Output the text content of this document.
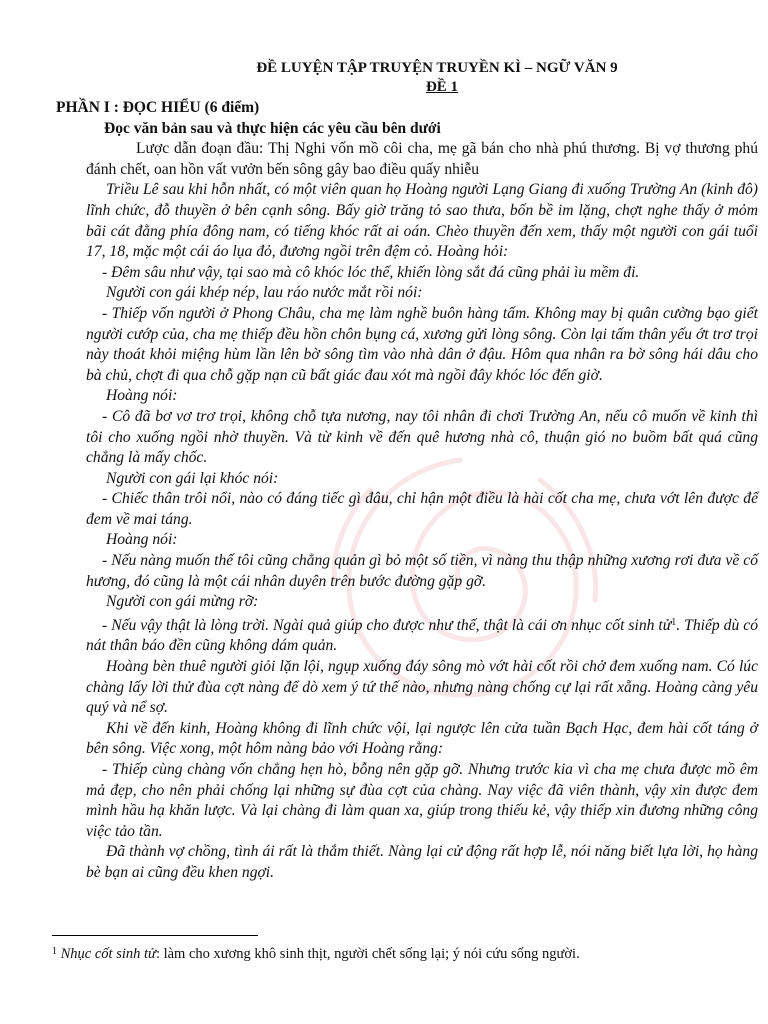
ĐỀ LUYỆN TẬP TRUYỆN TRUYỀN KÌ – NGỮ VĂN 9

ĐỀ 1

PHẦN I : ĐỌC HIỂU (6 điểm)

Đọc văn bản sau và thực hiện các yêu cầu bên dưới

Lược dẫn đoạn đầu: Thị Nghi vốn mồ côi cha, mẹ gã bán cho nhà phú thương. Bị vợ thương phú đánh chết, oan hồn vất vưởn bến sông gây bao điều quấy nhiễu

Triều Lê sau khi hỗn nhất, có một viên quan họ Hoàng người Lạng Giang đi xuống Trường An (kinh đô) lĩnh chức, đỗ thuyền ở bên cạnh sông. Bấy giờ trăng tỏ sao thưa, bốn bề im lặng, chợt nghe thấy ở mỏm bãi cát đằng phía đông nam, có tiếng khóc rất ai oán. Chèo thuyền đến xem, thấy một người con gái tuổi 17, 18, mặc một cái áo lụa đỏ, đương ngồi trên đệm cỏ. Hoàng hỏi:

- Đêm sâu như vậy, tại sao mà cô khóc lóc thế, khiến lòng sắt đá cũng phải ìu mềm đi.

Người con gái khép nép, lau ráo nước mắt rồi nói:

- Thiếp vốn người ở Phong Châu, cha mẹ làm nghề buôn hàng tấm. Không may bị quân cường bạo giết người cướp của, cha mẹ thiếp đều hồn chôn bụng cá, xương gửi lòng sông. Còn lại tấm thân yếu ớt trơ trọi này thoát khỏi miệng hùm lần lên bờ sông tìm vào nhà dân ở đậu. Hôm qua nhân ra bờ sông hái dâu cho bà chủ, chợt đi qua chỗ gặp nạn cũ bất giác đau xót mà ngồi đây khóc lóc đến giờ.

Hoàng nói:

- Cô đã bơ vơ trơ trọi, không chỗ tựa nương, nay tôi nhân đi chơi Trường An, nếu cô muốn về kinh thì tôi cho xuống ngồi nhờ thuyền. Và từ kinh về đến quê hương nhà cô, thuận gió no buồm bất quá cũng chẳng là mấy chốc.

Người con gái lại khóc nói:

- Chiếc thân trôi nổi, nào có đáng tiếc gì đâu, chỉ hận một điều là hài cốt cha mẹ, chưa vớt lên được để đem về mai táng.

Hoàng nói:

- Nếu nàng muốn thế tôi cũng chẳng quản gì bỏ một số tiền, vì nàng thu thập những xương rơi đưa về cố hương, đó cũng là một cái nhân duyên trên bước đường gặp gỡ.

Người con gái mừng rỡ:

- Nếu vậy thật là lòng trời. Ngài quả giúp cho được như thế, thật là cái ơn nhục cốt sinh tử$^1$. Thiếp dù có nát thân báo đền cũng không dám quản.

Hoàng bèn thuê người giỏi lặn lội, ngụp xuống đáy sông mò vớt hài cốt rồi chở đem xuống nam. Có lúc chàng lấy lời thử đùa cợt nàng để dò xem ý tứ thế nào, nhưng nàng chống cự lại rất xẵng. Hoàng càng yêu quý và nể sợ.

Khi về đến kinh, Hoàng không đi lĩnh chức vội, lại ngược lên cửa tuần Bạch Hạc, đem hài cốt táng ở bên sông. Việc xong, một hôm nàng bảo với Hoàng rằng:

- Thiếp cùng chàng vốn chẳng hẹn hò, bỗng nên gặp gỡ. Nhưng trước kia vì cha mẹ chưa được mồ êm mả đẹp, cho nên phải chống lại những sự đùa cợt của chàng. Nay việc đã viên thành, vậy xin được đem mình hầu hạ khăn lược. Và lại chàng đi làm quan xa, giúp trong thiếu kẻ, vậy thiếp xin đương những công việc tảo tần.

Đã thành vợ chồng, tình ái rất là thắm thiết. Nàng lại cử động rất hợp lễ, nói năng biết lựa lời, họ hàng bè bạn ai cũng đều khen ngợi.

$^1$ Nhục cốt sinh tử: làm cho xương khô sinh thịt, người chết sống lại; ý nói cứu sống người.
